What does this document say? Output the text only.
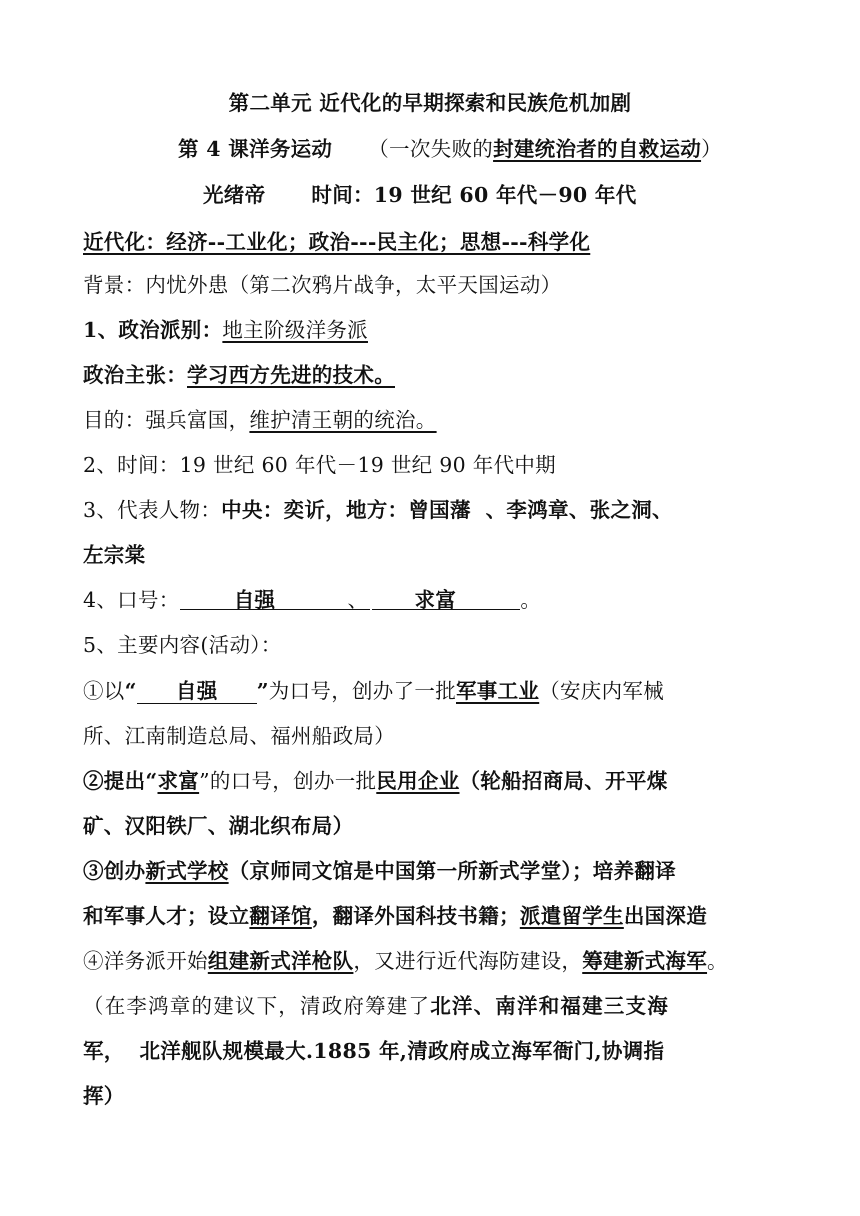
第二单元 近代化的早期探索和民族危机加剧
第 4 课洋务运动 （一次失败的封建统治者的自救运动）
光绪帝 时间：19 世纪 60 年代－90 年代
近代化：经济--工业化；政治---民主化；思想---科学化
背景：内忧外患（第二次鸦片战争，太平天国运动）
1、政治派别：地主阶级洋务派
政治主张：学习西方先进的技术。
目的：强兵富国，维护清王朝的统治。
2、时间：19 世纪 60 年代－19 世纪 90 年代中期
3、代表人物：中央：奕䜣，地方：曾国藩  、李鸿章、张之洞、
左宗棠
4、口号：	自强	、 求富	。
5、主要内容(活动）：
①以“ 自强 ”为口号，创办了一批军事工业（安庆内军械
所、江南制造总局、福州船政局）
②提出“求富”的口号，创办一批民用企业（轮船招商局、开平煤
矿、汉阳铁厂、湖北织布局）
③创办新式学校（京师同文馆是中国第一所新式学堂）；培养翻译
和军事人才；设立翻译馆，翻译外国科技书籍；派遣留学生出国深造
④洋务派开始组建新式洋枪队，又进行近代海防建设，筹建新式海军。
（在李鸿章的建议下，清政府筹建了北洋、南洋和福建三支海
军，  北洋舰队规模最大.1885 年,清政府成立海军衙门,协调指
挥）
